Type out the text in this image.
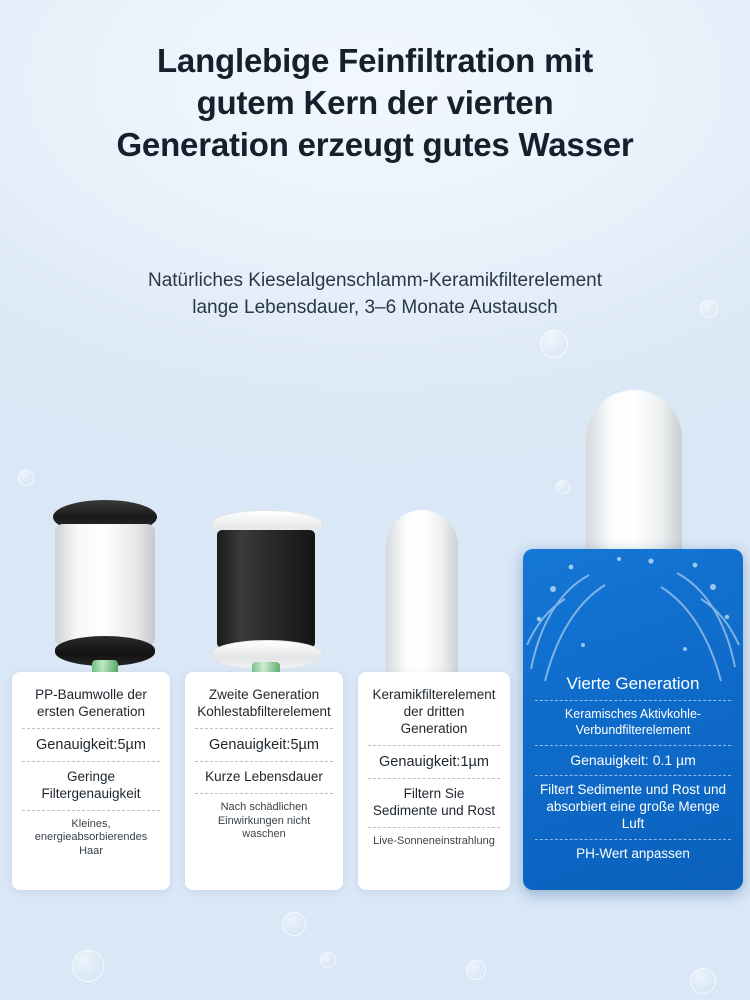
Langlebige Feinfiltration mit
gutem Kern der vierten
Generation erzeugt gutes Wasser
Natürliches Kieselalgenschlamm-Keramikfilterelement
lange Lebensdauer, 3–6 Monate Austausch
PP-Baumwolle der ersten Generation
Genauigkeit:5µm
Geringe Filtergenauigkeit
Kleines, energieabsorbierendes Haar
Zweite Generation Kohlestabfilterelement
Genauigkeit:5µm
Kurze Lebensdauer
Nach schädlichen Einwirkungen nicht waschen
Keramikfilterelement der dritten Generation
Genauigkeit:1µm
Filtern Sie Sedimente und Rost
Live-Sonneneinstrahlung
Vierte Generation
Keramisches Aktivkohle-Verbundfilterelement
Genauigkeit: 0.1 µm
Filtert Sedimente und Rost und absorbiert eine große Menge Luft
PH-Wert anpassen
